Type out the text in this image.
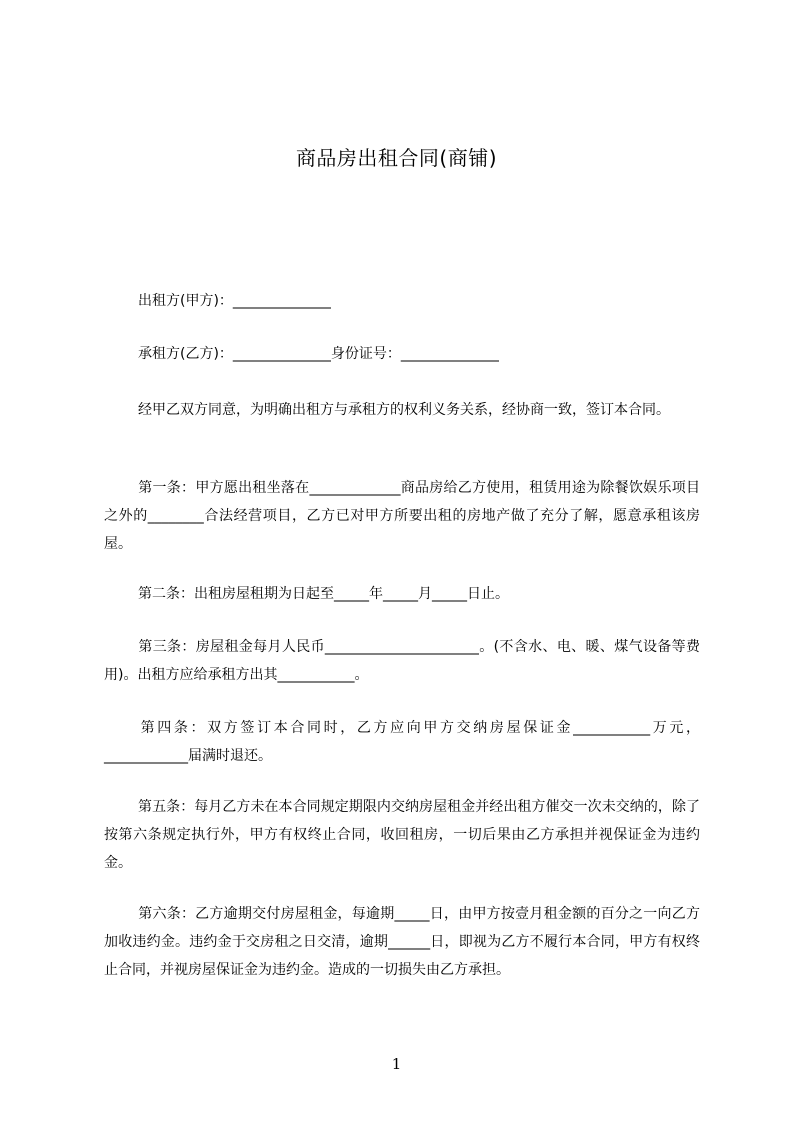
商品房出租合同(商铺)
出租方(甲方)：______________
承租方(乙方)：______________身份证号：______________
经甲乙双方同意，为明确出租方与承租方的权利义务关系，经协商一致，签订本合同。
第一条：甲方愿出租坐落在_____________商品房给乙方使用，租赁用途为除餐饮娱乐项目之外的________合法经营项目，乙方已对甲方所要出租的房地产做了充分了解，愿意承租该房屋。
第二条：出租房屋租期为日起至_____年_____月_____日止。
第三条：房屋租金每月人民币______________________。(不含水、电、暖、煤气设备等费用)。出租方应给承租方出其___________。
第四条：双方签订本合同时，乙方应向甲方交纳房屋保证金___________万元，____________届满时退还。
第五条：每月乙方未在本合同规定期限内交纳房屋租金并经出租方催交一次未交纳的，除了按第六条规定执行外，甲方有权终止合同，收回租房，一切后果由乙方承担并视保证金为违约金。
第六条：乙方逾期交付房屋租金，每逾期_____日，由甲方按壹月租金额的百分之一向乙方加收违约金。违约金于交房租之日交清，逾期______日，即视为乙方不履行本合同，甲方有权终止合同，并视房屋保证金为违约金。造成的一切损失由乙方承担。
1
